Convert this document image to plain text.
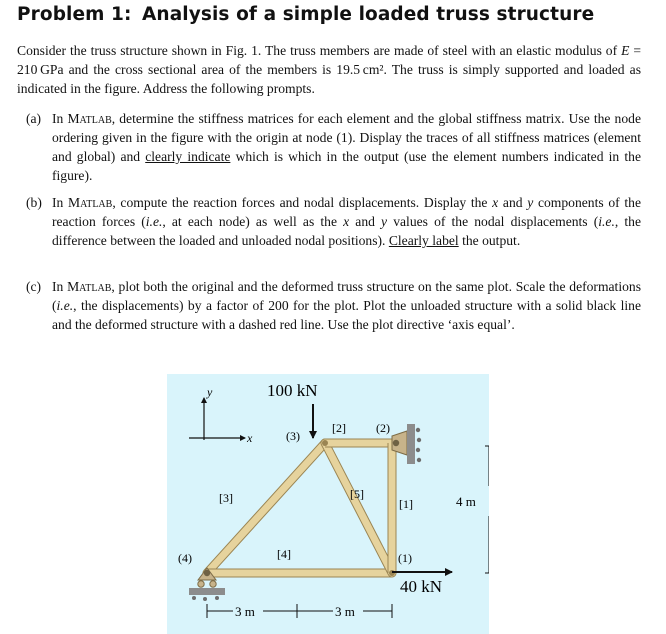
Problem 1: Analysis of a simple loaded truss structure
Consider the truss structure shown in Fig. 1. The truss members are made of steel with an elastic modulus of E = 210 GPa and the cross sectional area of the members is 19.5 cm². The truss is simply supported and loaded as indicated in the figure. Address the following prompts.
(a) In Matlab, determine the stiffness matrices for each element and the global stiffness matrix. Use the node ordering given in the figure with the origin at node (1). Display the traces of all stiffness matrices (element and global) and clearly indicate which is which in the output (use the element numbers indicated in the figure).
(b) In Matlab, compute the reaction forces and nodal displacements. Display the x and y components of the reaction forces (i.e., at each node) as well as the x and y values of the nodal displacements (i.e., the difference between the loaded and unloaded nodal positions). Clearly label the output.
(c) In Matlab, plot both the original and the deformed truss structure on the same plot. Scale the deformations (i.e., the displacements) by a factor of 200 for the plot. Plot the unloaded structure with a solid black line and the deformed structure with a dashed red line. Use the plot directive ‘axis equal’.
y
x
100 kN
40 kN
(1)
(2)
(3)
(4)
[1]
[2]
[3]
[4]
[5]	4 m
3 m	3 m
